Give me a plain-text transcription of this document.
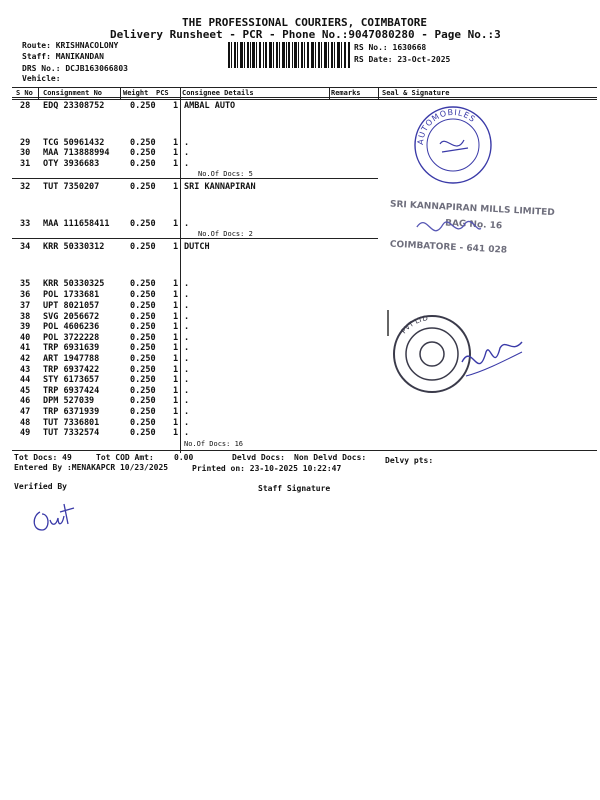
THE PROFESSIONAL COURIERS, COIMBATORE
Delivery Runsheet - PCR - Phone No.:9047080280 - Page No.:3
Route: KRISHNACOLONY
Staff: MANIKANDAN
DRS No.: DCJB163066803
Vehicle:
RS No.: 1630668
RS Date: 23-Oct-2025
S No Consignment No	Weight PCS Consignee Details	Remarks	Seal & Signature
28 EDQ 23308752	0.250 1 AMBAL AUTO
29 TCG 50961432	0.250 1 .
30 MAA 713888994 0.250 1 .
31 OTY 3936683	0.250 1 .
No.Of Docs: 5
32 TUT 7350207	0.250 1 SRI KANNAPIRAN
33 MAA 111658411 0.250 1 .
No.Of Docs: 2
34 KRR 50330312	0.250 1 DUTCH
35 KRR 50330325	0.250 1 .
36 POL 1733681	0.250 1 .
37 UPT 8021057	0.250 1 .
38 SVG 2056672	0.250 1 .
39 POL 4606236	0.250 1 .
40 POL 3722228	0.250 1 .
41 TRP 6931639	0.250 1 .
42 ART 1947788	0.250 1 .
43 TRP 6937422	0.250 1 .
44 STY 6173657	0.250 1 .
45 TRP 6937424	0.250 1 .
46 DPM 527039	0.250 1 .
47 TRP 6371939	0.250 1 .
48 TUT 7336801	0.250 1 .
49 TUT 7332574	0.250 1 .
No.Of Docs: 16
Tot Docs: 49	Tot COD Amt:	0.00	Delvd Docs: Non Delvd Docs: Delvy pts:
Entered By :MENAKAPCR 10/23/2025	Printed on: 23-10-2025 10:22:47
Verified By	Staff Signature
AUTOMOBILES
SRI KANNAPIRAN MILLS LIMITED
BAG No. 16
COIMBATORE - 641 028
PVT LTD
